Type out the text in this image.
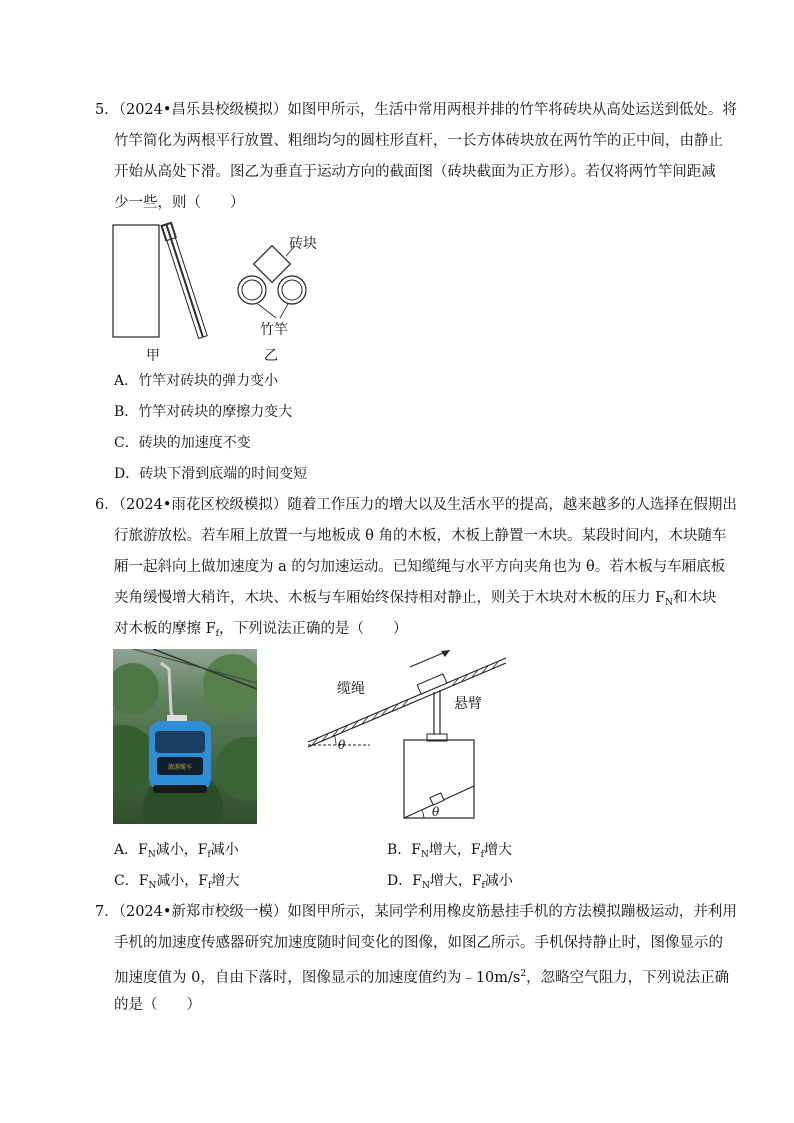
5．（2024•昌乐县校级模拟）如图甲所示，生活中常用两根并排的竹竿将砖块从高处运送到低处。将
竹竿简化为两根平行放置、粗细均匀的圆柱形直杆，一长方体砖块放在两竹竿的正中间，由静止
开始从高处下滑。图乙为垂直于运动方向的截面图（砖块截面为正方形）。若仅将两竹竿间距减
少一些，则（　　）
砖块
竹竿
甲	乙
A．竹竿对砖块的弹力变小
B．竹竿对砖块的摩擦力变大
C．砖块的加速度不变
D．砖块下滑到底端的时间变短
6．（2024•雨花区校级模拟）随着工作压力的增大以及生活水平的提高，越来越多的人选择在假期出
行旅游放松。若车厢上放置一与地板成 θ 角的木板，木板上静置一木块。某段时间内，木块随车
厢一起斜向上做加速度为 a 的匀加速运动。已知缆绳与水平方向夹角也为 θ。若木板与车厢底板
夹角缓慢增大稍许，木块、木板与车厢始终保持相对静止，则关于木块对木板的压力 $F_N$和木块
对木板的摩擦 $F_f$，下列说法正确的是（　　）
旅游缆车
θ
θ
缆绳
悬臂
A．$F_N$减小，$F_f$减小	B．$F_N$增大，$F_f$增大
C．$F_N$减小，$F_f$增大	D．$F_N$增大，$F_f$减小
7．（2024•新郑市校级一模）如图甲所示，某同学利用橡皮筋悬挂手机的方法模拟蹦极运动，并利用
手机的加速度传感器研究加速度随时间变化的图像，如图乙所示。手机保持静止时，图像显示的
加速度值为 0，自由下落时，图像显示的加速度值约为$﹣10m/s^2$，忽略空气阻力，下列说法正确
的是（　　）
